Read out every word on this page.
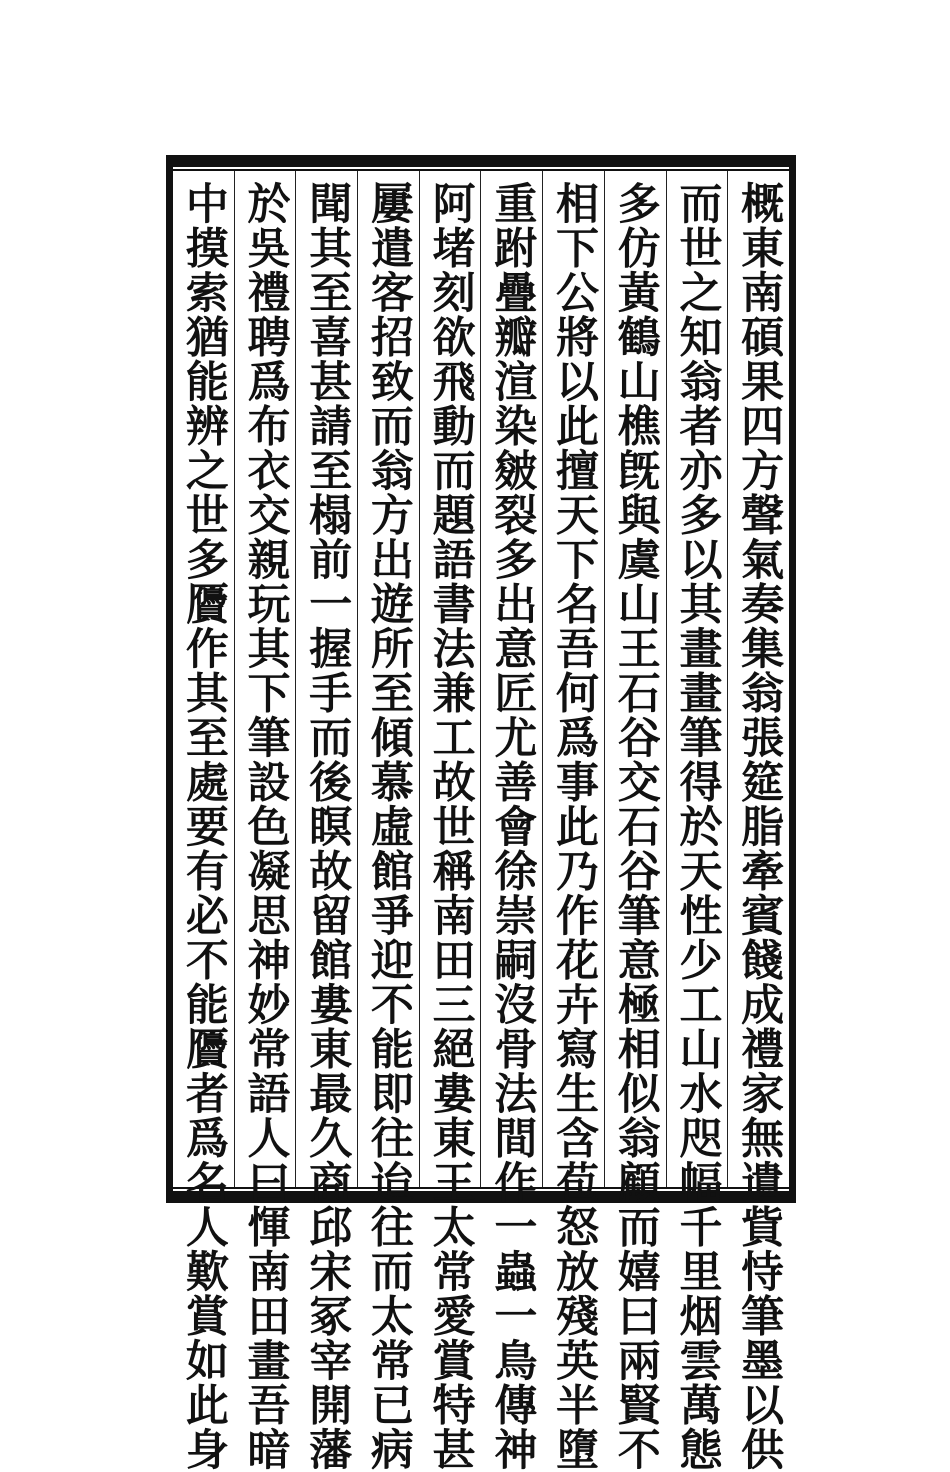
概東南碩果四方聲氣奏集翁張筵脂牽賓餞成禮家無遺貲恃筆墨以供
而世之知翁者亦多以其畫畫筆得於天性少工山水咫幅千里烟雲萬態
多仿黃鶴山樵旣與虞山王石谷交石谷筆意極相似翁顧而嬉曰兩賢不
相下公將以此擅天下名吾何爲事此乃作花卉寫生含苞怒放殘英半墮
重跗疊瓣渲染皴裂多出意匠尤善會徐崇嗣沒骨法間作一蟲一鳥傳神
阿堵刻欲飛動而題語書法兼工故世稱南田三絕婁東王太常愛賞特甚
屢遣客招致而翁方出遊所至傾慕虛館爭迎不能即往迨往而太常已病
聞其至喜甚請至榻前一握手而後瞑故留館婁東最久商邱宋冢宰開藩
於吳禮聘爲布衣交親玩其下筆設色凝思神妙常語人曰惲南田畫吾暗
中摸索猶能辨之世多贗作其至處要有必不能贗者爲名人歎賞如此身
